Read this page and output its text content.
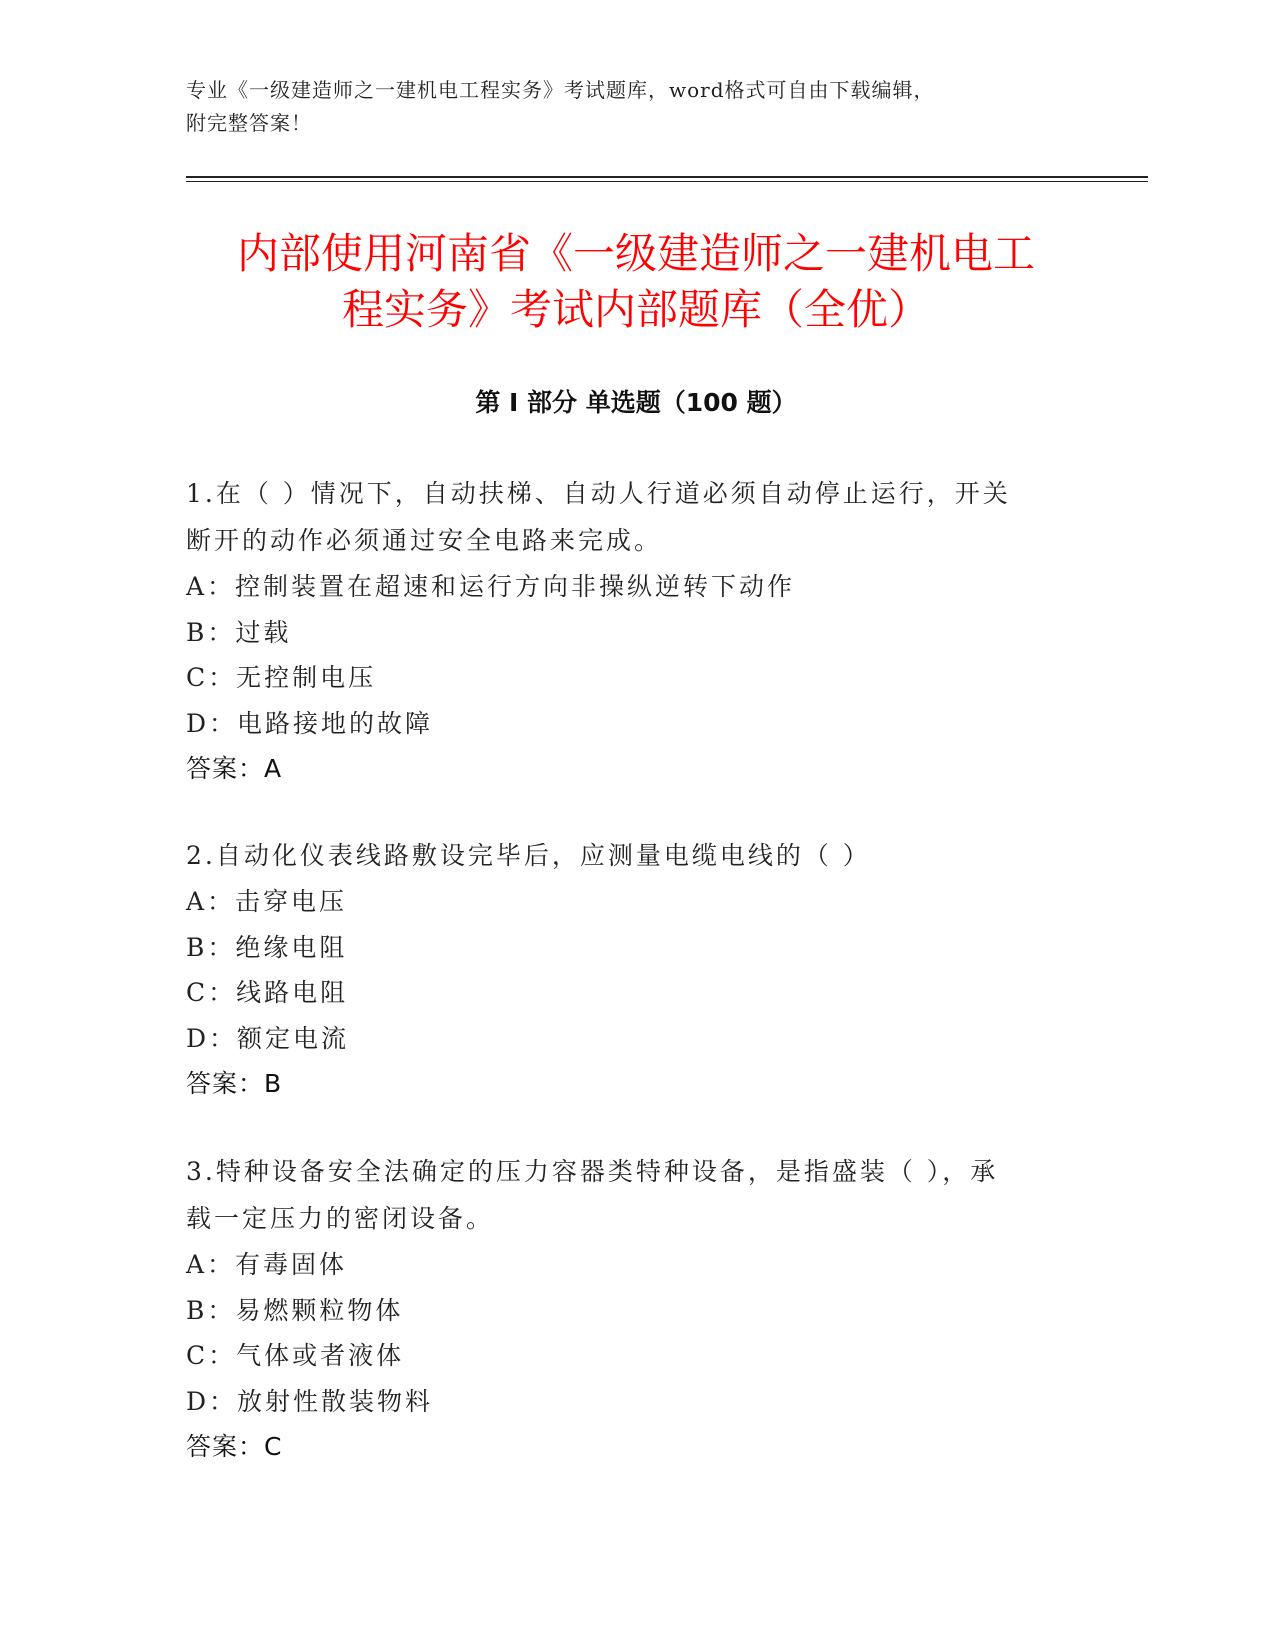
专业《一级建造师之一建机电工程实务》考试题库，word格式可自由下载编辑，
附完整答案！
内部使用河南省《一级建造师之一建机电工
程实务》考试内部题库（全优）
第 I 部分 单选题（100 题）

1.在（ ）情况下，自动扶梯、自动人行道必须自动停止运行，开关

断开的动作必须通过安全电路来完成。

A：控制装置在超速和运行方向非操纵逆转下动作

B：过载

C：无控制电压

D：电路接地的故障

答案：A

2.自动化仪表线路敷设完毕后，应测量电缆电线的（ ）

A：击穿电压

B：绝缘电阻

C：线路电阻

D：额定电流

答案：B

3.特种设备安全法确定的压力容器类特种设备，是指盛装（ ），承

载一定压力的密闭设备。

A：有毒固体

B：易燃颗粒物体

C：气体或者液体

D：放射性散装物料

答案：C
